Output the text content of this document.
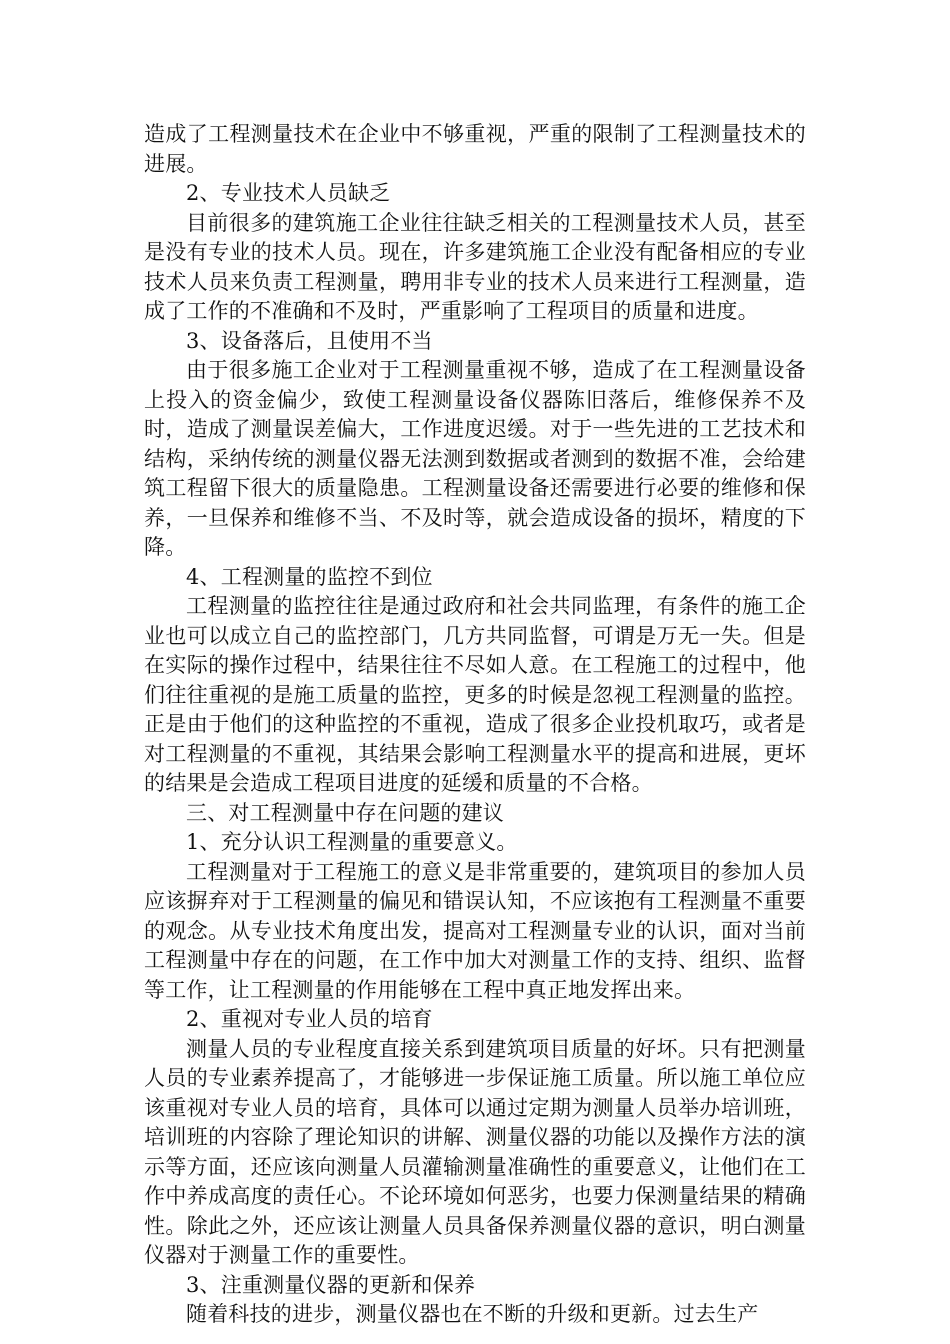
造成了工程测量技术在企业中不够重视，严重的限制了工程测量技术的进展。

2、专业技术人员缺乏

目前很多的建筑施工企业往往缺乏相关的工程测量技术人员，甚至是没有专业的技术人员。现在，许多建筑施工企业没有配备相应的专业技术人员来负责工程测量，聘用非专业的技术人员来进行工程测量，造成了工作的不准确和不及时，严重影响了工程项目的质量和进度。

3、设备落后，且使用不当

由于很多施工企业对于工程测量重视不够，造成了在工程测量设备上投入的资金偏少，致使工程测量设备仪器陈旧落后，维修保养不及时，造成了测量误差偏大，工作进度迟缓。对于一些先进的工艺技术和结构，采纳传统的测量仪器无法测到数据或者测到的数据不准，会给建筑工程留下很大的质量隐患。工程测量设备还需要进行必要的维修和保养，一旦保养和维修不当、不及时等，就会造成设备的损坏，精度的下降。

4、工程测量的监控不到位

工程测量的监控往往是通过政府和社会共同监理，有条件的施工企业也可以成立自己的监控部门，几方共同监督，可谓是万无一失。但是在实际的操作过程中，结果往往不尽如人意。在工程施工的过程中，他们往往重视的是施工质量的监控，更多的时候是忽视工程测量的监控。正是由于他们的这种监控的不重视，造成了很多企业投机取巧，或者是对工程测量的不重视，其结果会影响工程测量水平的提高和进展，更坏的结果是会造成工程项目进度的延缓和质量的不合格。

三、对工程测量中存在问题的建议

1、充分认识工程测量的重要意义。

工程测量对于工程施工的意义是非常重要的，建筑项目的参加人员应该摒弃对于工程测量的偏见和错误认知，不应该抱有工程测量不重要的观念。从专业技术角度出发，提高对工程测量专业的认识，面对当前工程测量中存在的问题，在工作中加大对测量工作的支持、组织、监督等工作，让工程测量的作用能够在工程中真正地发挥出来。

2、重视对专业人员的培育

测量人员的专业程度直接关系到建筑项目质量的好坏。只有把测量人员的专业素养提高了，才能够进一步保证施工质量。所以施工单位应该重视对专业人员的培育，具体可以通过定期为测量人员举办培训班，培训班的内容除了理论知识的讲解、测量仪器的功能以及操作方法的演示等方面，还应该向测量人员灌输测量准确性的重要意义，让他们在工作中养成高度的责任心。不论环境如何恶劣，也要力保测量结果的精确性。除此之外，还应该让测量人员具备保养测量仪器的意识，明白测量仪器对于测量工作的重要性。

3、注重测量仪器的更新和保养

随着科技的进步，测量仪器也在不断的升级和更新。过去生产
